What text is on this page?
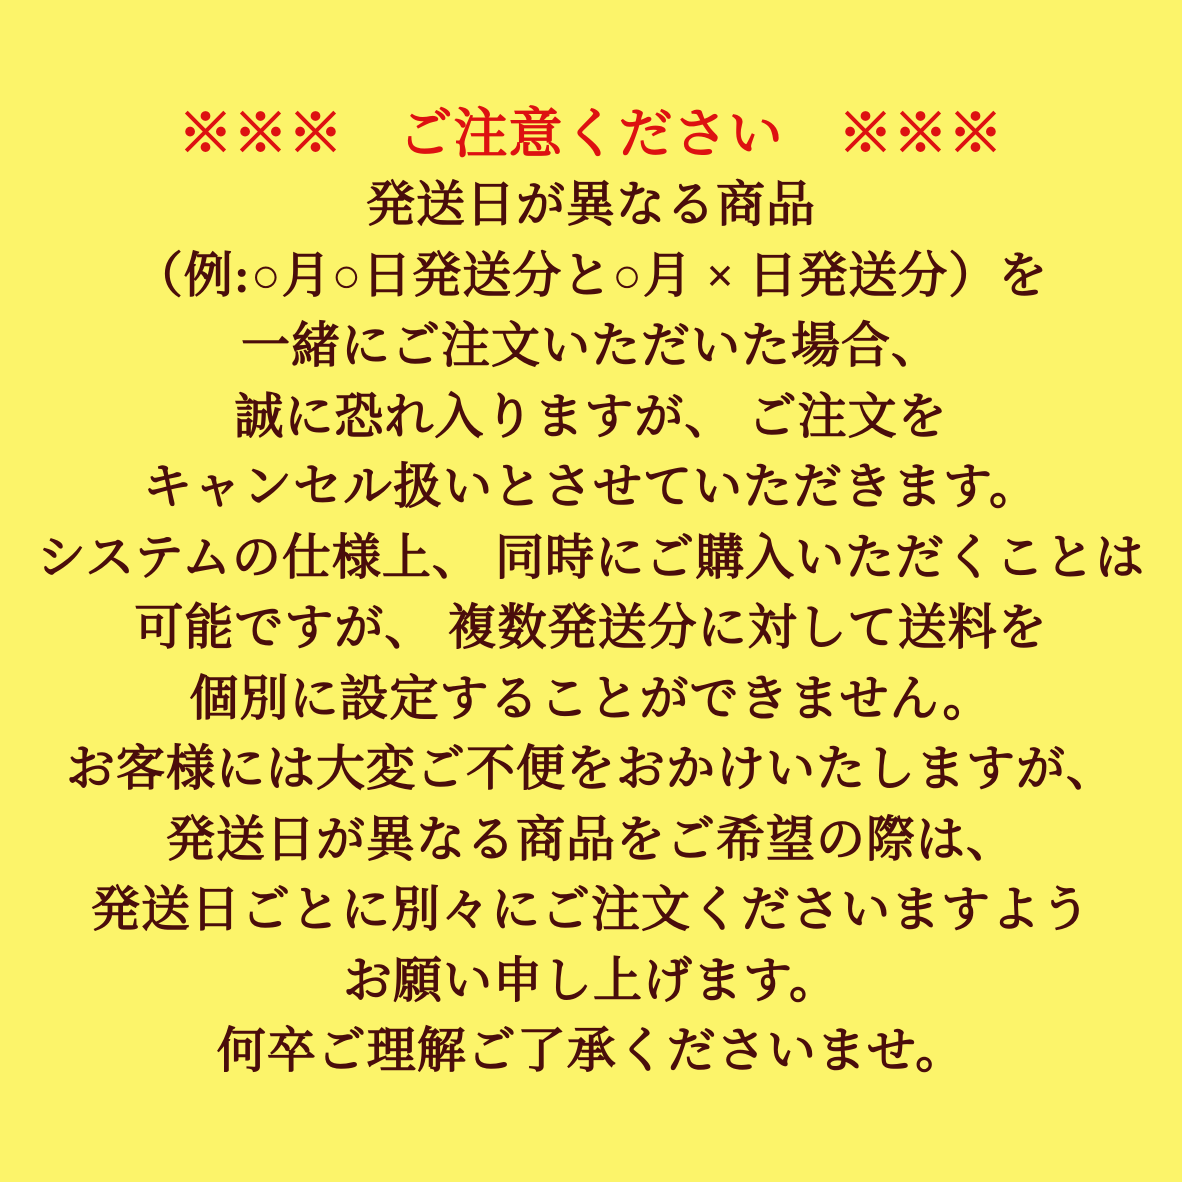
※※※　ご注意ください　※※※
発送日が異なる商品
（例:○月○日発送分と○月 × 日発送分）を
一緒にご注文いただいた場合、
誠に恐れ入りますが、 ご注文を
キャンセル扱いとさせていただきます。
システムの仕様上、 同時にご購入いただくことは
可能ですが、 複数発送分に対して送料を
個別に設定することができません。
お客様には大変ご不便をおかけいたしますが、
発送日が異なる商品をご希望の際は、
発送日ごとに別々にご注文くださいますよう
お願い申し上げます。
何卒ご理解ご了承くださいませ。
